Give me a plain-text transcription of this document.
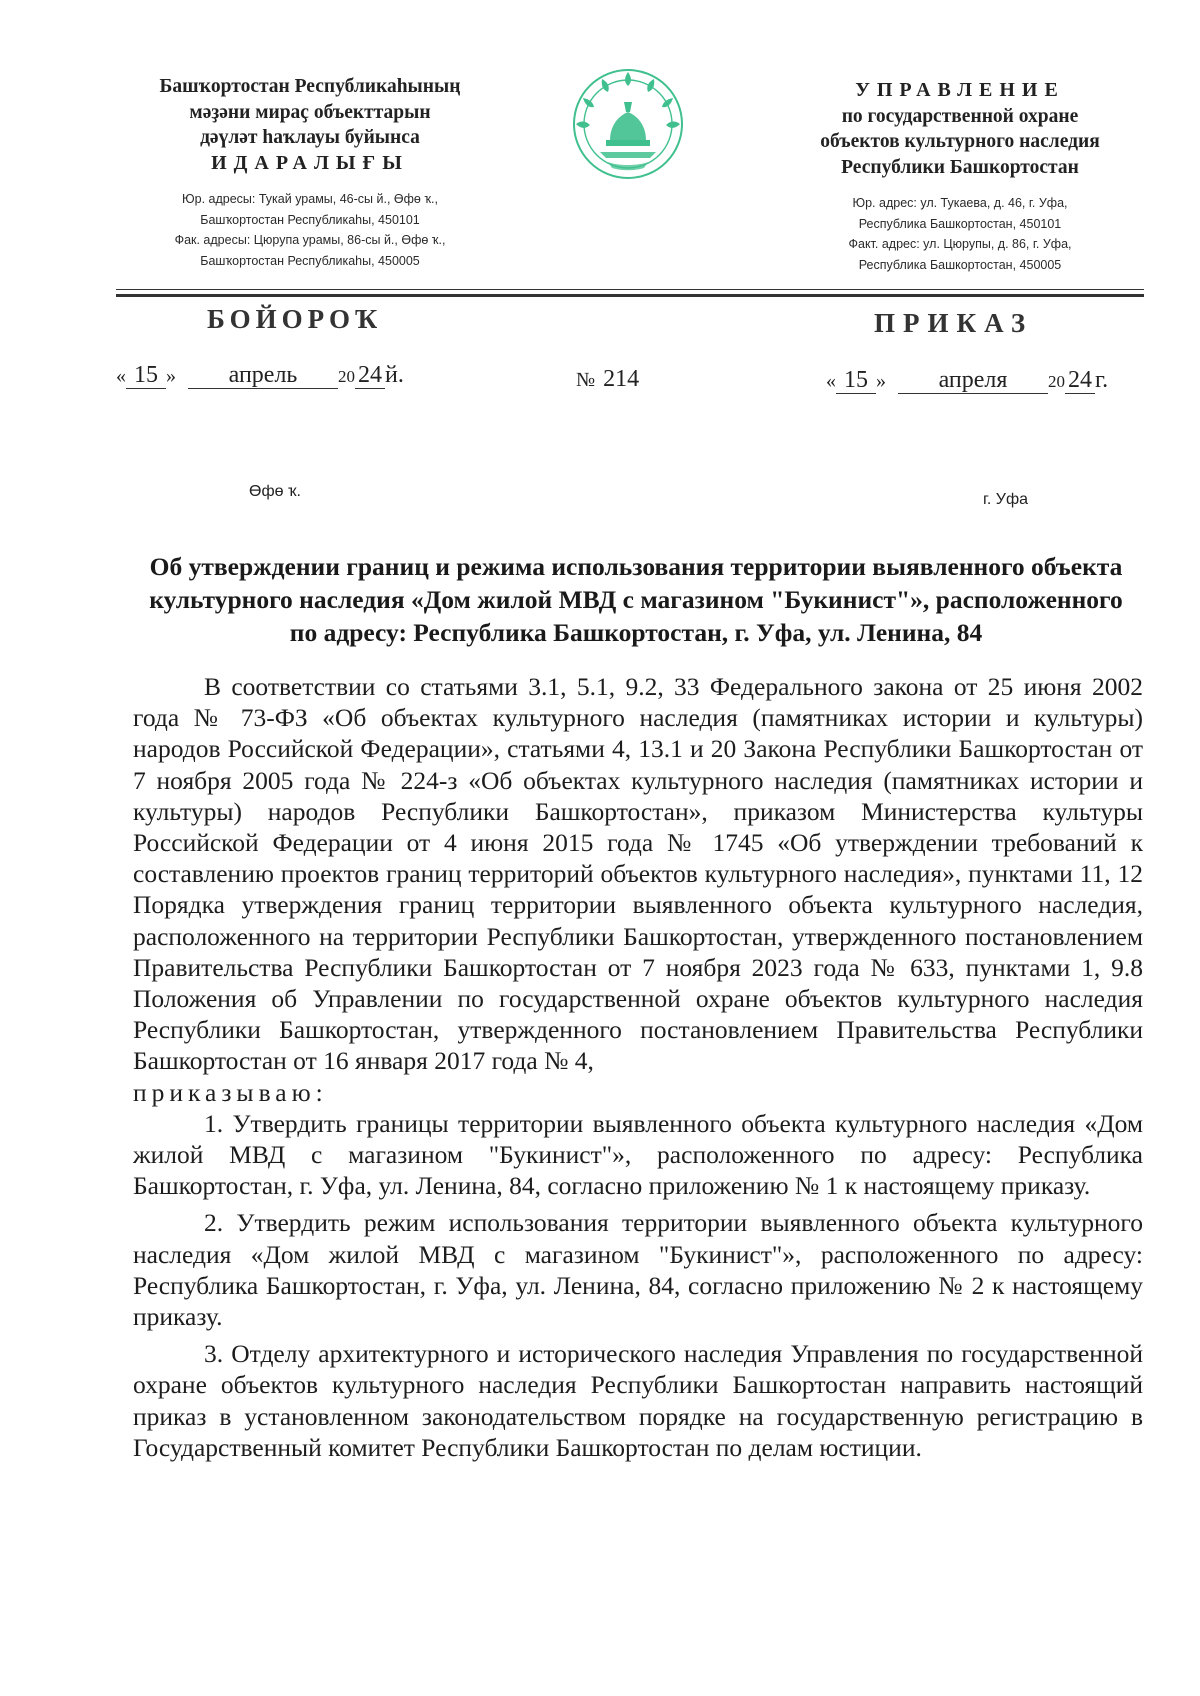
Башҡортостан Республикаһының
мәҙәни мираҫ объекттарын
дәүләт һаҡлауы буйынса
ИДАРАЛЫҒЫ
Юр. адресы: Тукай урамы, 46-сы й., Өфө ҡ.,
Башҡортостан Республикаһы, 450101
Фак. адресы: Цюрупа урамы, 86-сы й., Өфө ҡ.,
Башҡортостан Республикаһы, 450005
УПРАВЛЕНИЕ
по государственной охране
объектов культурного наследия
Республики Башкортостан
Юр. адрес: ул. Тукаева, д. 46, г. Уфа,
Республика Башкортостан, 450101
Факт. адрес: ул. Цюрупы, д. 86, г. Уфа,
Республика Башкортостан, 450005
БОЙОРОҠ	ПРИКАЗ
« 15 » апрель 20 24 й.	№ 214	« 15 » апреля 20 24 г.
Өфө ҡ.	г. Уфа
Об утверждении границ и режима использования территории выявленного объекта культурного наследия «Дом жилой МВД с магазином "Букинист"», расположенного по адресу: Республика Башкортостан, г. Уфа, ул. Ленина, 84

В соответствии со статьями 3.1, 5.1, 9.2, 33 Федерального закона от 25 июня 2002 года № 73-ФЗ «Об объектах культурного наследия (памятниках истории и культуры) народов Российской Федерации», статьями 4, 13.1 и 20 Закона Республики Башкортостан от 7 ноября 2005 года № 224-з «Об объектах культурного наследия (памятниках истории и культуры) народов Республики Башкортостан», приказом Министерства культуры Российской Федерации от 4 июня 2015 года № 1745 «Об утверждении требований к составлению проектов границ территорий объектов культурного наследия», пунктами 11, 12 Порядка утверждения границ территории выявленного объекта культурного наследия, расположенного на территории Республики Башкортостан, утвержденного постановлением Правительства Республики Башкортостан от 7 ноября 2023 года № 633, пунктами 1, 9.8 Положения об Управлении по государственной охране объектов культурного наследия Республики Башкортостан, утвержденного постановлением Правительства Республики Башкортостан от 16 января 2017 года № 4,
приказываю:

1. Утвердить границы территории выявленного объекта культурного наследия «Дом жилой МВД с магазином "Букинист"», расположенного по адресу: Республика Башкортостан, г. Уфа, ул. Ленина, 84, согласно приложению № 1 к настоящему приказу.

2. Утвердить режим использования территории выявленного объекта культурного наследия «Дом жилой МВД с магазином "Букинист"», расположенного по адресу: Республика Башкортостан, г. Уфа, ул. Ленина, 84, согласно приложению № 2 к настоящему приказу.

3. Отделу архитектурного и исторического наследия Управления по государственной охране объектов культурного наследия Республики Башкортостан направить настоящий приказ в установленном законодательством порядке на государственную регистрацию в Государственный комитет Республики Башкортостан по делам юстиции.
